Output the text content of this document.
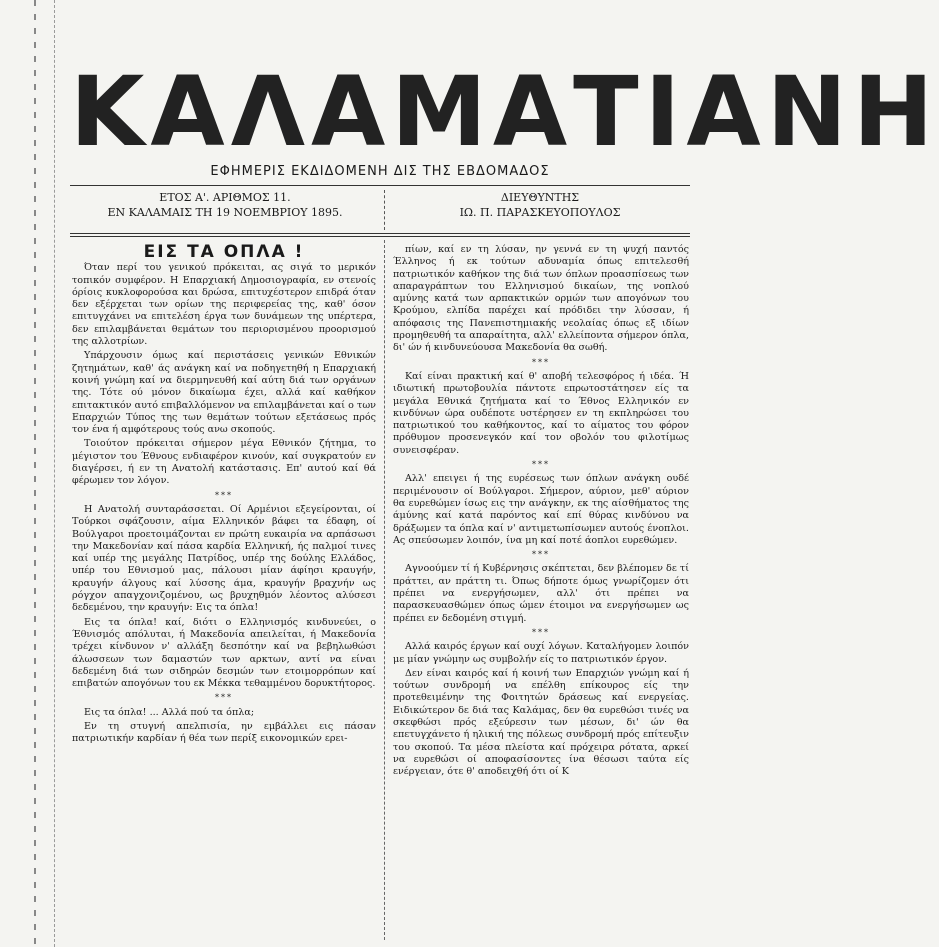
ΚΑΛΑΜΑΤΙΑΝΗ
ΕΦΗΜΕΡΙΣ ΕΚΔΙΔΟΜΕΝΗ ΔΙΣ ΤΗΣ ΕΒΔΟΜΑΔΟΣ
ΕΤΟΣ Α'. ΑΡΙΘΜΟΣ 11.
ΕΝ ΚΑΛΑΜΑΙΣ ΤΗ 19 ΝΟΕΜΒΡΙΟΥ 1895.
ΔΙΕΥΘΥΝΤΗΣ
ΙΩ. Π. ΠΑΡΑΣΚΕΥΟΠΟΥΛΟΣ
ΕΙΣ ΤΑ ΟΠΛΑ !

Όταν περί του γενικού πρόκειται, ας σιγά το μερικόν τοπικόν συμφέρον. Η Επαρχιακή Δημοσιογραφία, εν στενοίς όρίοις κυκλοφορούσα και δρώσα, επιτυχέστερον επιδρά όταν δεν εξέρχεται των ορίων της περιφερείας της, καθ' όσον επιτυγχάνει να επιτελέση έργα των δυνάμεων της υπέρτερα, δεν επιλαμβάνεται θεμάτων του περιορισμένου προορισμού της αλλοτρίων.

Υπάρχουσιν όμως καί περιστάσεις γενικών Εθνικών ζητημάτων, καθ' άς ανάγκη καί να ποδηγετηθή η Επαρχιακή κοινή γνώμη καί να διερμηνευθή καί αύτη διά των οργάνων της. Τότε ού μόνον δικαίωμα έχει, αλλά καί καθήκον επιτακτικόν αυτό επιβαλλόμενον να επιλαμβάνεται καί ο των Επαρχιών Τύπος της των θεμάτων τούτων εξετάσεως πρός τον ένα ή αμφότερους τούς ανω σκοπούς.

Τοιούτον πρόκειται σήμερον μέγα Εθνικόν ζήτημα, το μέγιστον του Έθνους ενδιαφέρον κινούν, καί συγκρατούν εν διαγέρσει, ή εν τη Ανατολή κατάστασις. Επ' αυτού καί θά φέρωμεν τον λόγον.

***

Η Ανατολή συνταράσσεται. Οί Αρμένιοι εξεγείρονται, οί Τούρκοι σφάζουσιν, αίμα Ελληνικόν βάφει τα έδαφη, οί Βούλγαροι προετοιμάζονται εν πρώτη ευκαιρία να αρπάσωσι την Μακεδονίαν καί πάσα καρδία Ελληνική, ής παλμοί τινες καί υπέρ της μεγάλης Πατρίδος, υπέρ της δούλης Ελλάδος, υπέρ του Εθνισμού μας, πάλουσι μίαν άφίησι κραυγήν, κραυγήν άλγους καί λύσσης άμα, κραυγήν βραχνήν ως ρόγχον απαγχονιζομένου, ως βρυχηθμόν λέοντος αλύσεσι δεδεμένου, την κραυγήν: Εις τα όπλα!

Εις τα όπλα! καί, διότι ο Ελληνισμός κινδυνεύει, ο Έθνισμός απόλυται, ή Μακεδονία απειλείται, ή Μακεδονία τρέχει κίνδυνον ν' αλλάξη δεσπότην καί να βεβηλωθώσι άλωσσεων των δαμαστών των αρκτων, αντί να είναι δεδεμένη διά των σιδηρών δεσμών των ετοιμορρόπων καί επιβατών απογόνων του εκ Μέκκα τεθαμμένου δορυκτήτορος.

***

Εις τα όπλα! ... Αλλά πού τα όπλα;

Εν τη στυγνή απελπισία, ην εμβάλλει εις πάσαν πατριωτικήν καρδίαν ή θέα των περίξ εικονομικών ερει-

πίων, καί εν τη λύσαν, ην γεννά εν τη ψυχή παντός Έλληνος ή εκ τούτων αδυναμία όπως επιτελεσθή πατριωτικόν καθήκον της διά των όπλων προασπίσεως των απαραγράπτων του Ελληνισμού δικαίων, της νοπλού αμύνης κατά των αρπακτικών ορμών των απογόνων του Κρούμου, ελπίδα παρέχει καί πρόδιδει την λύσσαν, ή απόφασις της Πανεπιστημιακής νεολαίας όπως εξ ιδίων προμηθευθή τα απαραίτητα, αλλ' ελλείποντα σήμερον όπλα, δι' ών ή κινδυνεύουσα Μακεδονία θα σωθή.

***

Καί είναι πρακτική καί θ' αποβή τελεσφόρος ή ιδέα. Ή ιδιωτική πρωτοβουλία πάντοτε επρωτοστάτησεν είς τα μεγάλα Εθνικά ζητήματα καί το Έθνος Ελληνικόν εν κινδύνων ώρα ουδέποτε υστέρησεν εν τη εκπληρώσει του πατριωτικού του καθήκοντος, καί το αίματος του φόρον πρόθυμον προσενεγκόν καί τον οβολόν του φιλοτίμως συνεισφέραν.

***

Αλλ' επειγει ή της ευρέσεως των όπλων ανάγκη ουδέ περιμένουσιν οί Βούλγαροι. Σήμερον, αύριον, μεθ' αύριον θα ευρεθώμεν ίσως εις την ανάγκην, εκ της αίσθήματος της άμύνης καί κατά παρόντος καί επί θύρας κινδύνου να δράξωμεν τα όπλα καί ν' αντιμετωπίσωμεν αυτούς ένοπλοι. Ας σπεύσωμεν λοιπόν, ίνα μη καί ποτέ άοπλοι ευρεθώμεν.

***

Αγνοούμεν τί ή Κυβέρνησις σκέπτεται, δεν βλέπομεν δε τί πράττει, αν πράττη τι. Όπως δήποτε όμως γνωρίζομεν ότι πρέπει να ενεργήσωμεν, αλλ' ότι πρέπει να παρασκευασθώμεν όπως ώμεν έτοιμοι να ενεργήσωμεν ως πρέπει εν δεδομένη στιγμή.

***

Αλλά καιρός έργων καί ουχί λόγων. Καταλήγομεν λοιπόν με μίαν γνώμην ως συμβολήν είς το πατριωτικόν έργον.

Δεν είναι καιρός καί ή κοινή των Επαρχιών γνώμη καί ή τούτων συνδρομή να επέλθη επίκουρος είς την προτεθειμένην της Φοιτητών δράσεως καί ενεργείας. Ειδικώτερον δε διά τας Καλάμας, δεν θα ευρεθώσι τινές να σκεφθώσι πρός εξεύρεσιν των μέσων, δι' ών θα επετυγχάνετο ή ηλικιή της πόλεως συνδρομή πρός επίτευξιν του σκοπού. Τα μέσα πλείστα καί πρόχειρα ρότατα, αρκεί να ευρεθώσι οί αποφασίσοντες ίνα θέσωσι ταύτα είς ενέργειαν, ότε θ' αποδειχθή ότι οί Κ
